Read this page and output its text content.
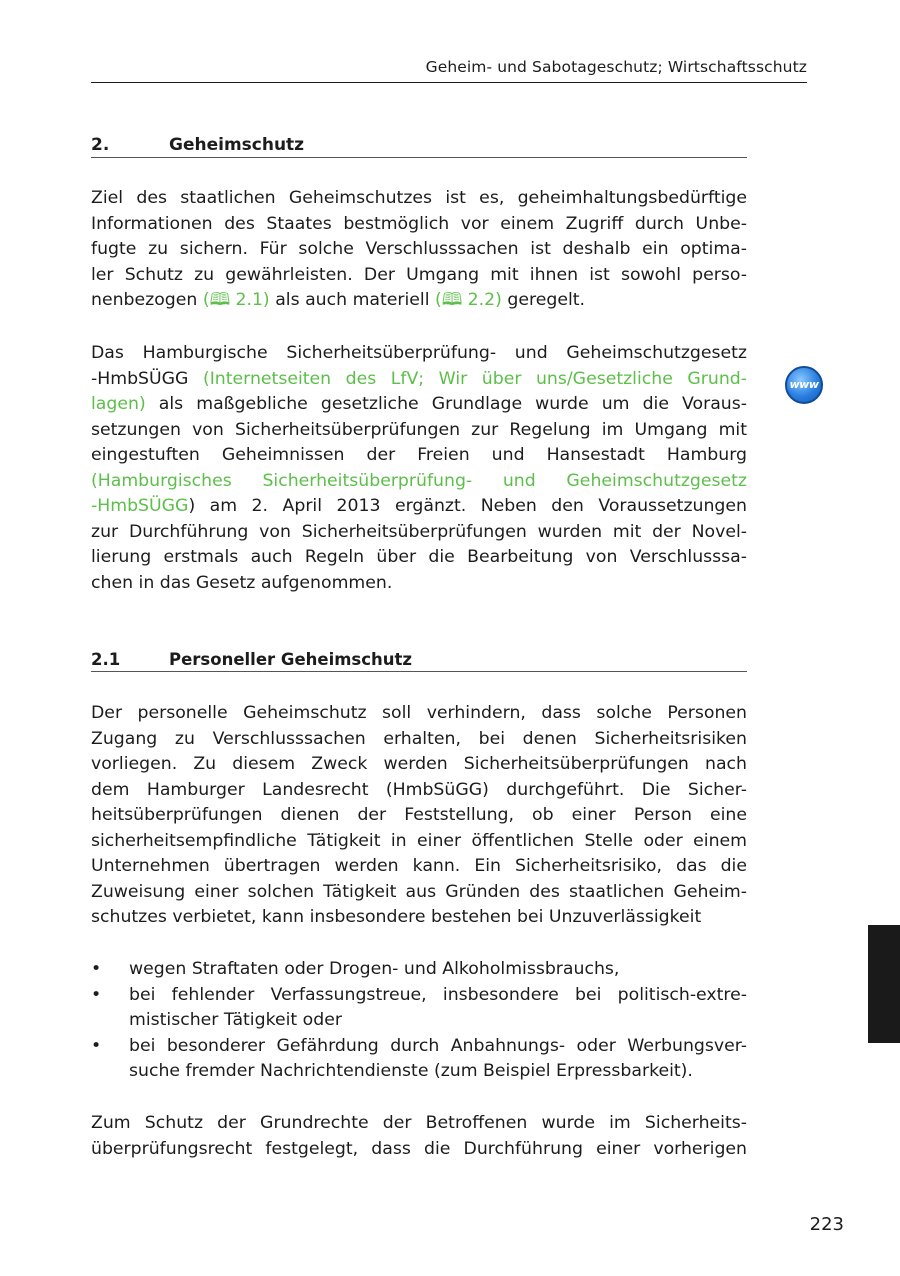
Geheim- und Sabotageschutz; Wirtschaftsschutz
2.	Geheimschutz

Ziel des staatlichen Geheimschutzes ist es, geheimhaltungsbedürftige
Informationen des Staates bestmöglich vor einem Zugriff durch Unbe-
fugte zu sichern. Für solche Verschlusssachen ist deshalb ein optima-
ler Schutz zu gewährleisten. Der Umgang mit ihnen ist sowohl perso-
nenbezogen (🕮 2.1) als auch materiell (🕮 2.2) geregelt.

Das Hamburgische Sicherheitsüberprüfung- und Geheimschutzgesetz
-HmbSÜGG (Internetseiten des LfV; Wir über uns/Gesetzliche Grund-
lagen) als maßgebliche gesetzliche Grundlage wurde um die Voraus-
setzungen von Sicherheitsüberprüfungen zur Regelung im Umgang mit
eingestuften Geheimnissen der Freien und Hansestadt Hamburg
(Hamburgisches Sicherheitsüberprüfung- und Geheimschutzgesetz
-HmbSÜGG) am 2. April 2013 ergänzt. Neben den Voraussetzungen
zur Durchführung von Sicherheitsüberprüfungen wurden mit der Novel-
lierung erstmals auch Regeln über die Bearbeitung von Verschlusssa-
chen in das Gesetz aufgenommen.

www
2.1	Personeller Geheimschutz

Der personelle Geheimschutz soll verhindern, dass solche Personen
Zugang zu Verschlusssachen erhalten, bei denen Sicherheitsrisiken
vorliegen. Zu diesem Zweck werden Sicherheitsüberprüfungen nach
dem Hamburger Landesrecht (HmbSüGG) durchgeführt. Die Sicher-
heitsüberprüfungen dienen der Feststellung, ob einer Person eine
sicherheitsempfindliche Tätigkeit in einer öffentlichen Stelle oder einem
Unternehmen übertragen werden kann. Ein Sicherheitsrisiko, das die
Zuweisung einer solchen Tätigkeit aus Gründen des staatlichen Geheim-
schutzes verbietet, kann insbesondere bestehen bei Unzuverlässigkeit

• wegen Straftaten oder Drogen- und Alkoholmissbrauchs,
• bei fehlender Verfassungstreue, insbesondere bei politisch-extre-
mistischer Tätigkeit oder
• bei besonderer Gefährdung durch Anbahnungs- oder Werbungsver-
suche fremder Nachrichtendienste (zum Beispiel Erpressbarkeit).

Zum Schutz der Grundrechte der Betroffenen wurde im Sicherheits-
überprüfungsrecht festgelegt, dass die Durchführung einer vorherigen

223
